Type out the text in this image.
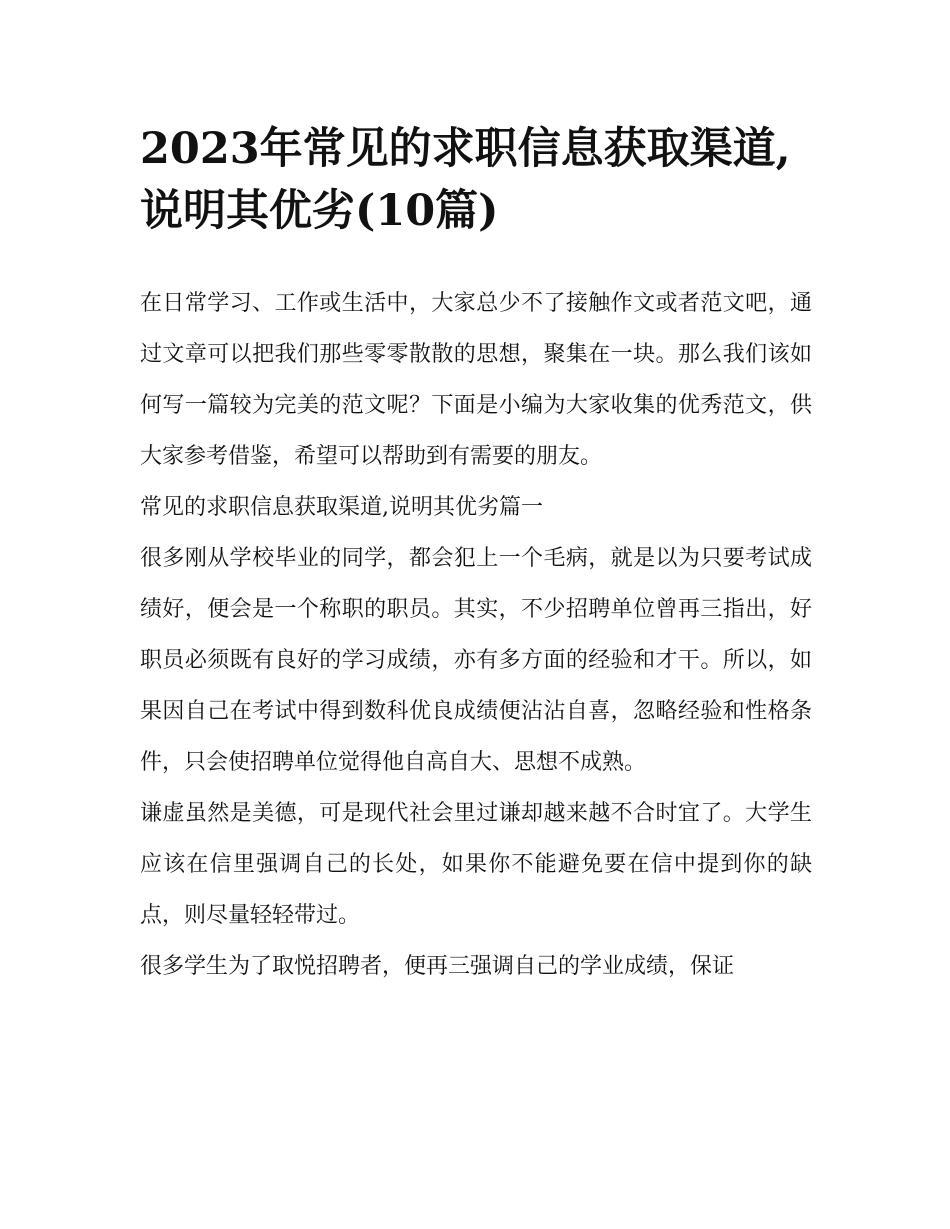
2023年常见的求职信息获取渠道,说明其优劣(10篇)

在日常学习、工作或生活中，大家总少不了接触作文或者范文吧，通过文章可以把我们那些零零散散的思想，聚集在一块。那么我们该如何写一篇较为完美的范文呢？下面是小编为大家收集的优秀范文，供大家参考借鉴，希望可以帮助到有需要的朋友。

常见的求职信息获取渠道,说明其优劣篇一

很多刚从学校毕业的同学，都会犯上一个毛病，就是以为只要考试成绩好，便会是一个称职的职员。其实，不少招聘单位曾再三指出，好职员必须既有良好的学习成绩，亦有多方面的经验和才干。所以，如果因自己在考试中得到数科优良成绩便沾沾自喜，忽略经验和性格条件，只会使招聘单位觉得他自高自大、思想不成熟。

谦虚虽然是美德，可是现代社会里过谦却越来越不合时宜了。大学生应该在信里强调自己的长处，如果你不能避免要在信中提到你的缺点，则尽量轻轻带过。

很多学生为了取悦招聘者，便再三强调自己的学业成绩，保证
